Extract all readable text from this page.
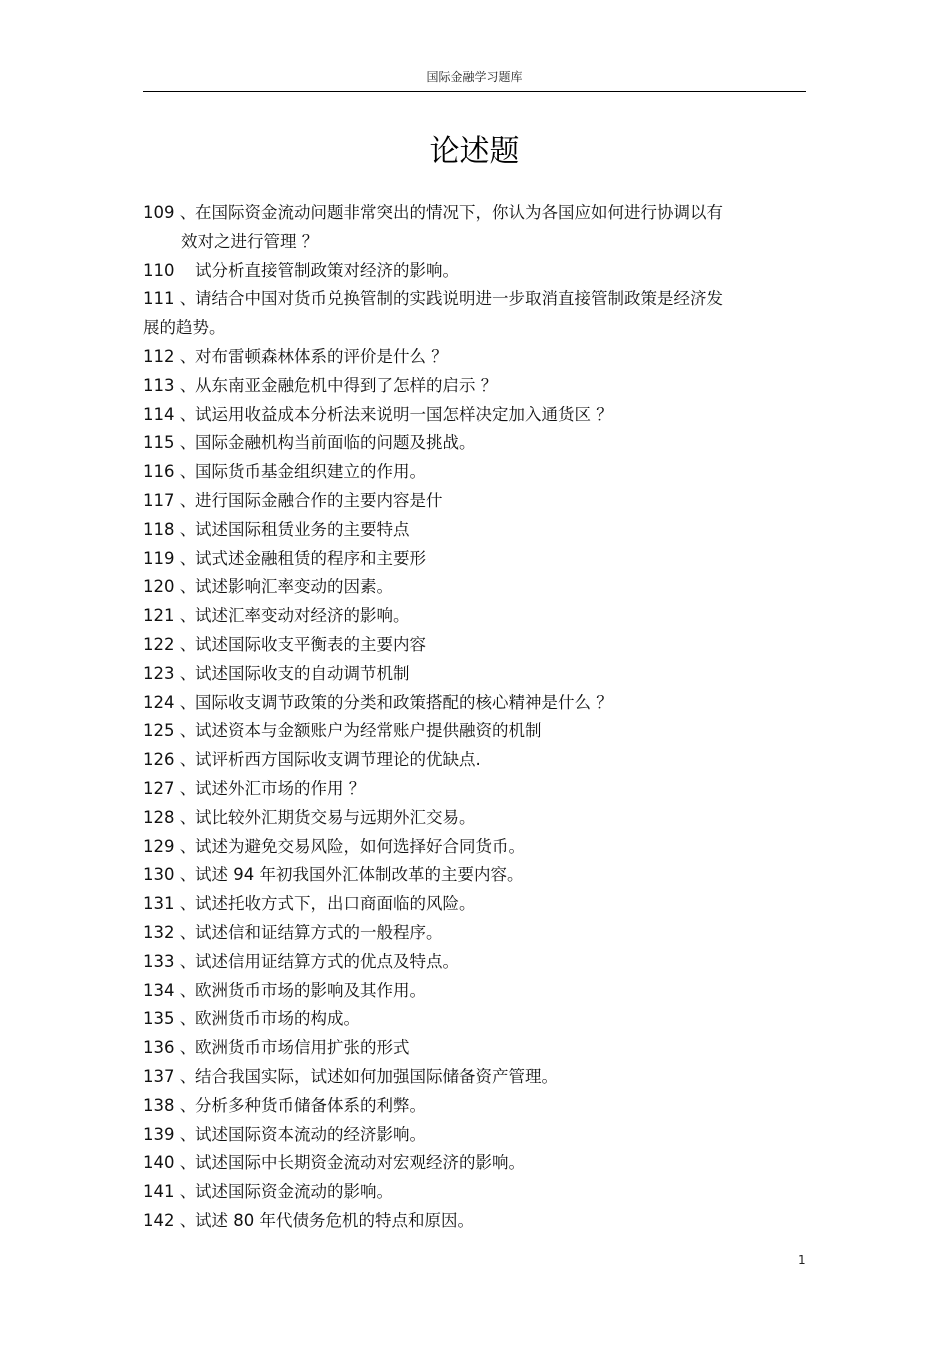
国际金融学习题库
论述题
109 、在国际资金流动问题非常突出的情况下，你认为各国应如何进行协调以有
效对之进行管理 ？
110试分析直接管制政策对经济的影响。
111 、请结合中国对货币兑换管制的实践说明进一步取消直接管制政策是经济发
展的趋势。
112 、对布雷顿森林体系的评价是什么 ？
113 、从东南亚金融危机中得到了怎样的启示 ？
114 、试运用收益成本分析法来说明一国怎样决定加入通货区 ？
115 、国际金融机构当前面临的问题及挑战。
116 、国际货币基金组织建立的作用。
117 、进行国际金融合作的主要内容是什
118 、试述国际租赁业务的主要特点
119 、试式述金融租赁的程序和主要形
120 、试述影响汇率变动的因素。
121 、试述汇率变动对经济的影响。
122 、试述国际收支平衡表的主要内容
123 、试述国际收支的自动调节机制
124 、国际收支调节政策的分类和政策搭配的核心精神是什么 ？
125 、试述资本与金额账户为经常账户提供融资的机制
126 、试评析西方国际收支调节理论的优缺点.
127 、试述外汇市场的作用 ？
128 、试比较外汇期货交易与远期外汇交易。
129 、试述为避免交易风险，如何选择好合同货币。
130 、试述 94 年初我国外汇体制改革的主要内容。
131 、试述托收方式下，出口商面临的风险。
132 、试述信和证结算方式的一般程序。
133 、试述信用证结算方式的优点及特点。
134 、欧洲货币市场的影响及其作用。
135 、欧洲货币市场的构成。
136 、欧洲货币市场信用扩张的形式
137 、结合我国实际，试述如何加强国际储备资产管理。
138 、分析多种货币储备体系的利弊。
139 、试述国际资本流动的经济影响。
140 、试述国际中长期资金流动对宏观经济的影响。
141 、试述国际资金流动的影响。
142 、试述 80 年代债务危机的特点和原因。
1
